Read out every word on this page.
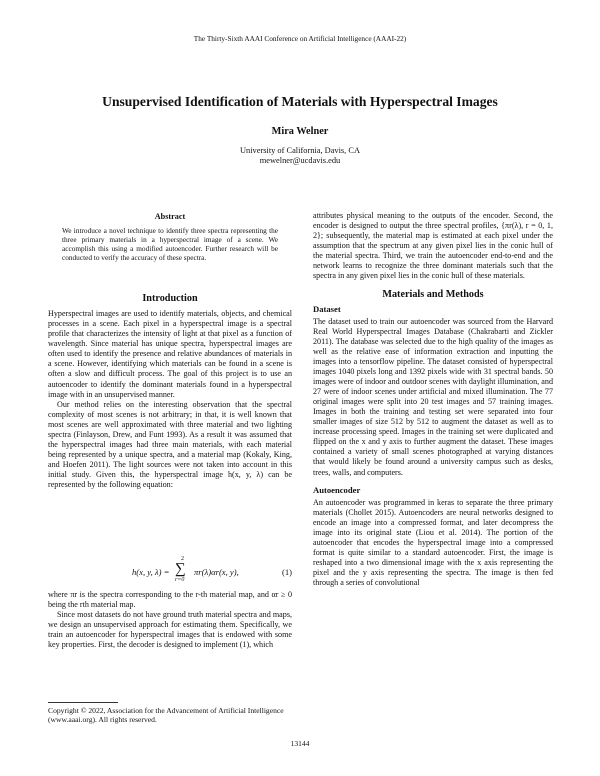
The Thirty-Sixth AAAI Conference on Artificial Intelligence (AAAI-22)
Unsupervised Identification of Materials with Hyperspectral Images
Mira Welner
University of California, Davis, CA
mewelner@ucdavis.edu

Abstract

We introduce a novel technique to identify three spectra representing the three primary materials in a hyperspectral image of a scene. We accomplish this using a modified autoencoder. Further research will be conducted to verify the accuracy of these spectra.

Introduction

Hyperspectral images are used to identify materials, objects, and chemical processes in a scene. Each pixel in a hyperspectral image is a spectral profile that characterizes the intensity of light at that pixel as a function of wavelength. Since material has unique spectra, hyperspectral images are often used to identify the presence and relative abundances of materials in a scene. However, identifying which materials can be found in a scene is often a slow and difficult process. The goal of this project is to use an autoencoder to identify the dominant materials found in a hyperspectral image with in an unsupervised manner.

Our method relies on the interesting observation that the spectral complexity of most scenes is not arbitrary; in that, it is well known that most scenes are well approximated with three material and two lighting spectra (Finlayson, Drew, and Funt 1993). As a result it was assumed that the hyperspectral images had three main materials, with each material being represented by a unique spectra, and a material map (Kokaly, King, and Hoefen 2011). The light sources were not taken into account in this initial study. Given this, the hyperspectral image h(x, y, λ) can be represented by the following equation:

h(x, y, λ) =
2
∑
r=0
πr(λ)αr(x, y),	(1)

where πr is the spectra corresponding to the r-th material map, and αr ≥ 0 being the rth material map.

Since most datasets do not have ground truth material spectra and maps, we design an unsupervised approach for estimating them. Specifically, we train an autoencoder for hyperspectral images that is endowed with some key properties. First, the decoder is designed to implement (1), which

Copyright © 2022, Association for the Advancement of Artificial Intelligence (www.aaai.org). All rights reserved.

attributes physical meaning to the outputs of the encoder. Second, the encoder is designed to output the three spectral profiles, {πr(λ), r = 0, 1, 2}; subsequently, the material map is estimated at each pixel under the assumption that the spectrum at any given pixel lies in the conic hull of the material spectra. Third, we train the autoencoder end-to-end and the network learns to recognize the three dominant materials such that the spectra in any given pixel lies in the conic hull of these materials.

Materials and Methods
Dataset

The dataset used to train our autoencoder was sourced from the Harvard Real World Hyperspectral Images Database (Chakrabarti and Zickler 2011). The database was selected due to the high quality of the images as well as the relative ease of information extraction and inputting the images into a tensorflow pipeline. The dataset consisted of hyperspectral images 1040 pixels long and 1392 pixels wide with 31 spectral bands. 50 images were of indoor and outdoor scenes with daylight illumination, and 27 were of indoor scenes under artificial and mixed illumination. The 77 original images were split into 20 test images and 57 training images. Images in both the training and testing set were separated into four smaller images of size 512 by 512 to augment the dataset as well as to increase processing speed. Images in the training set were duplicated and flipped on the x and y axis to further augment the dataset. These images contained a variety of small scenes photographed at varying distances that would likely be found around a university campus such as desks, trees, walls, and computers.

Autoencoder

An autoencoder was programmed in keras to separate the three primary materials (Chollet 2015). Autoencoders are neural networks designed to encode an image into a compressed format, and later decompress the image into its original state (Liou et al. 2014). The portion of the autoencoder that encodes the hyperspectral image into a compressed format is quite similar to a standard autoencoder. First, the image is reshaped into a two dimensional image with the x axis representing the pixel and the y axis representing the spectra. The image is then fed through a series of convolutional

13144
